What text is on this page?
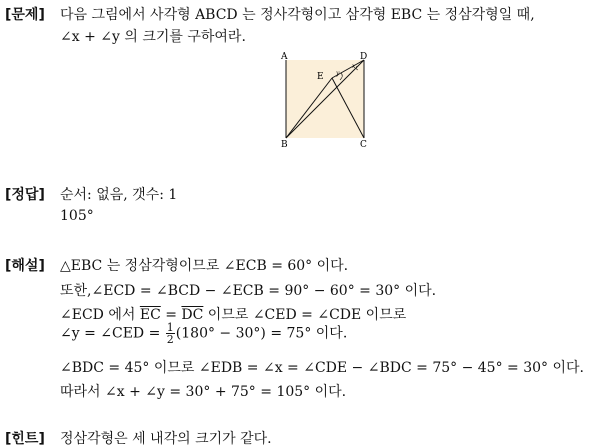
[문제] 다음 그림에서 사각형 ABCD 는 정사각형이고 삼각형 EBC 는 정삼각형일 때,
∠x + ∠y 의 크기를 구하여라.
A
B	C
D
E y
x
[정답] 순서: 없음, 갯수: 1
105°
[해설] △EBC 는 정삼각형이므로 ∠ECB = 60° 이다.
또한,∠ECD = ∠BCD − ∠ECB = 90° − 60° = 30° 이다.
∠ECD 에서 $\overline{EC} = \overline{DC}$ 이므로 ∠CED = ∠CDE 이므로
∠y = ∠CED = $\frac{1}{2} (180^\circ - 30^\circ) = 75^\circ$ 이다.
∠BDC = 45° 이므로 ∠EDB = ∠x = ∠CDE − ∠BDC = 75° − 45° = 30° 이다.
따라서 ∠x + ∠y = 30° + 75° = 105° 이다.
[힌트] 정삼각형은 세 내각의 크기가 같다.
